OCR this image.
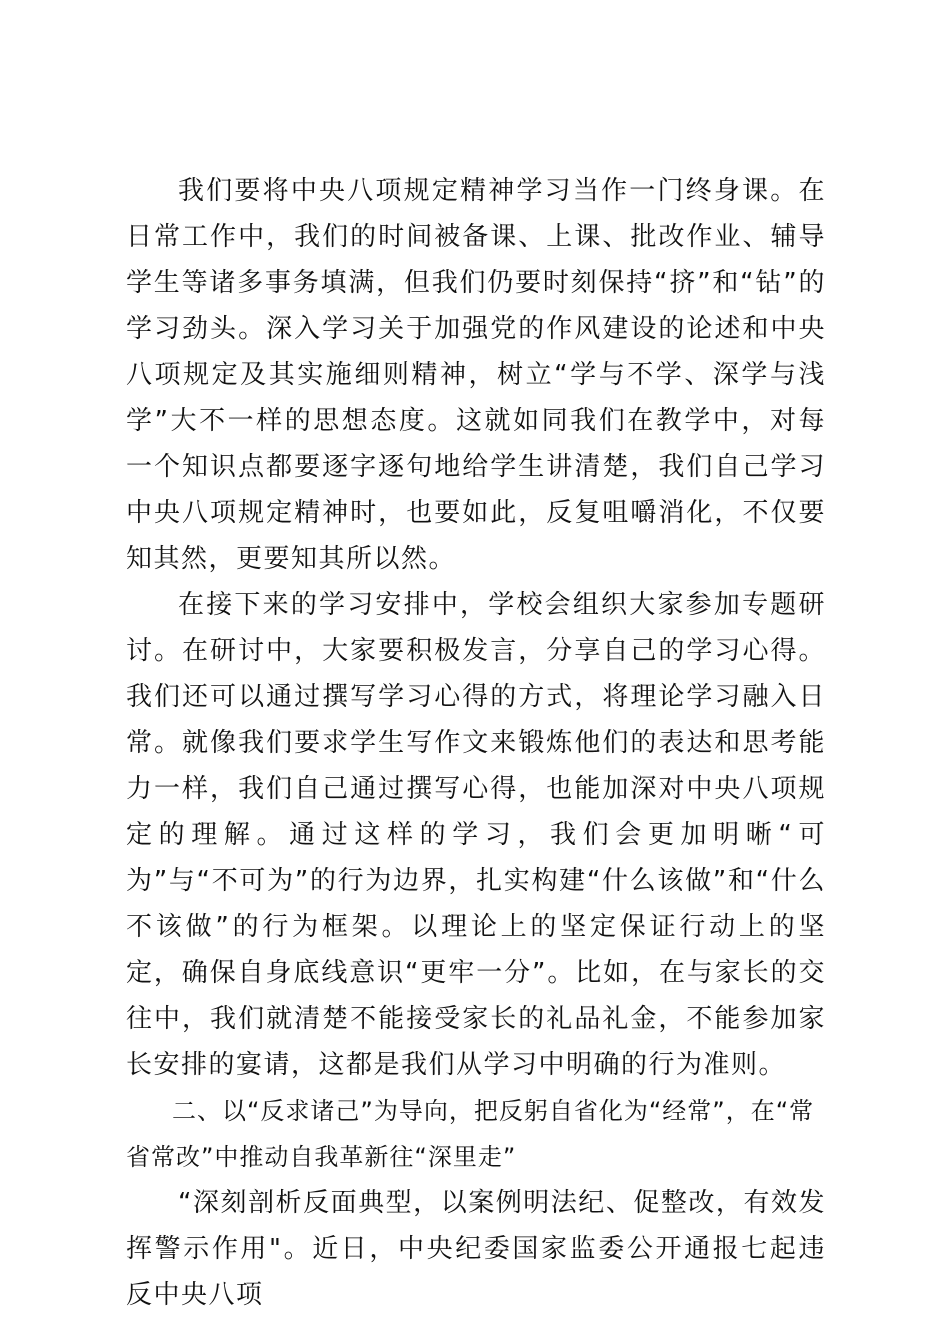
我们要将中央八项规定精神学习当作一门终身课。在日常工作中，我们的时间被备课、上课、批改作业、辅导学生等诸多事务填满，但我们仍要时刻保持“挤”和“钻”的学习劲头。深入学习关于加强党的作风建设的论述和中央八项规定及其实施细则精神，树立“学与不学、深学与浅学”大不一样的思想态度。这就如同我们在教学中，对每一个知识点都要逐字逐句地给学生讲清楚，我们自己学习中央八项规定精神时，也要如此，反复咀嚼消化，不仅要知其然，更要知其所以然。

在接下来的学习安排中，学校会组织大家参加专题研讨。在研讨中，大家要积极发言，分享自己的学习心得。我们还可以通过撰写学习心得的方式，将理论学习融入日常。就像我们要求学生写作文来锻炼他们的表达和思考能力一样，我们自己通过撰写心得，也能加深对中央八项规定的理解。通过这样的学习，我们会更加明晰“可为”与“不可为”的行为边界，扎实构建“什么该做”和“什么不该做”的行为框架。以理论上的坚定保证行动上的坚定，确保自身底线意识“更牢一分”。比如，在与家长的交往中，我们就清楚不能接受家长的礼品礼金，不能参加家长安排的宴请，这都是我们从学习中明确的行为准则。

二、以“反求诸己”为导向，把反躬自省化为“经常”，在“常省常改”中推动自我革新往“深里走”

“深刻剖析反面典型，以案例明法纪、促整改，有效发挥警示作用"。近日，中央纪委国家监委公开通报七起违反中央八项
